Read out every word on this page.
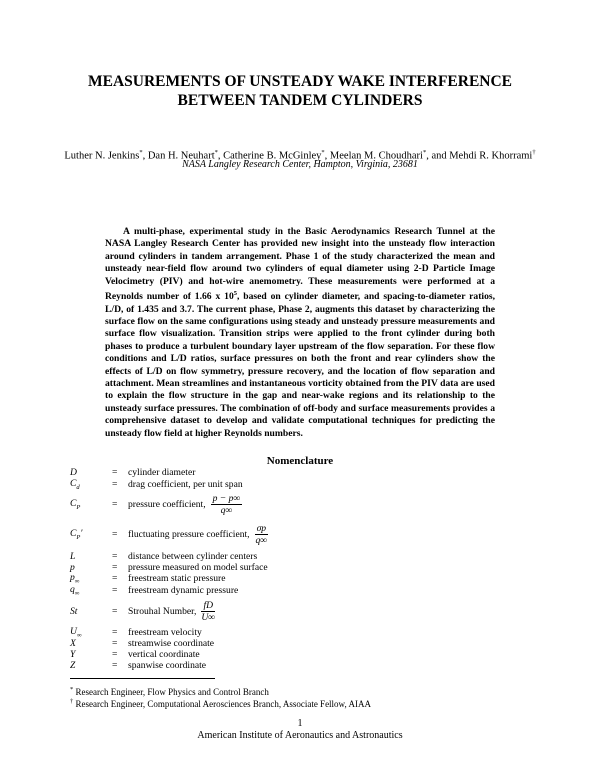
MEASUREMENTS OF UNSTEADY WAKE INTERFERENCE
BETWEEN TANDEM CYLINDERS
Luther N. Jenkins*, Dan H. Neuhart*, Catherine B. McGinley*, Meelan M. Choudhari*, and Mehdi R. Khorrami†
NASA Langley Research Center, Hampton, Virginia, 23681
A multi-phase, experimental study in the Basic Aerodynamics Research Tunnel at the NASA Langley Research Center has provided new insight into the unsteady flow interaction around cylinders in tandem arrangement. Phase 1 of the study characterized the mean and unsteady near-field flow around two cylinders of equal diameter using 2-D Particle Image Velocimetry (PIV) and hot-wire anemometry. These measurements were performed at a Reynolds number of 1.66 x $10^5$, based on cylinder diameter, and spacing-to-diameter ratios, L/D, of 1.435 and 3.7. The current phase, Phase 2, augments this dataset by characterizing the surface flow on the same configurations using steady and unsteady pressure measurements and surface flow visualization. Transition strips were applied to the front cylinder during both phases to produce a turbulent boundary layer upstream of the flow separation. For these flow conditions and L/D ratios, surface pressures on both the front and rear cylinders show the effects of L/D on flow symmetry, pressure recovery, and the location of flow separation and attachment. Mean streamlines and instantaneous vorticity obtained from the PIV data are used to explain the flow structure in the gap and near-wake regions and its relationship to the unsteady surface pressures. The combination of off-body and surface measurements provides a comprehensive dataset to develop and validate computational techniques for predicting the unsteady flow field at higher Reynolds numbers.
Nomenclature
D	=	cylinder diameter
$C_d$	=	drag coefficient, per unit span
$C_P$	=	pressure coefficient, $\frac{p - p\infty}{q\infty}$
$C_P'$	=	fluctuating pressure coefficient, $\frac{\sigma p}{q\infty}$
L	=	distance between cylinder centers
p	=	pressure measured on model surface
$p_\infty$	=	freestream static pressure
$q_\infty$	=	freestream dynamic pressure
St	=	Strouhal Number, $\frac{fD}{U\infty}$
$U_\infty$	=	freestream velocity
X	=	streamwise coordinate
Y	=	vertical coordinate
Z	=	spanwise coordinate
* Research Engineer, Flow Physics and Control Branch
† Research Engineer, Computational Aerosciences Branch, Associate Fellow, AIAA
1
American Institute of Aeronautics and Astronautics
